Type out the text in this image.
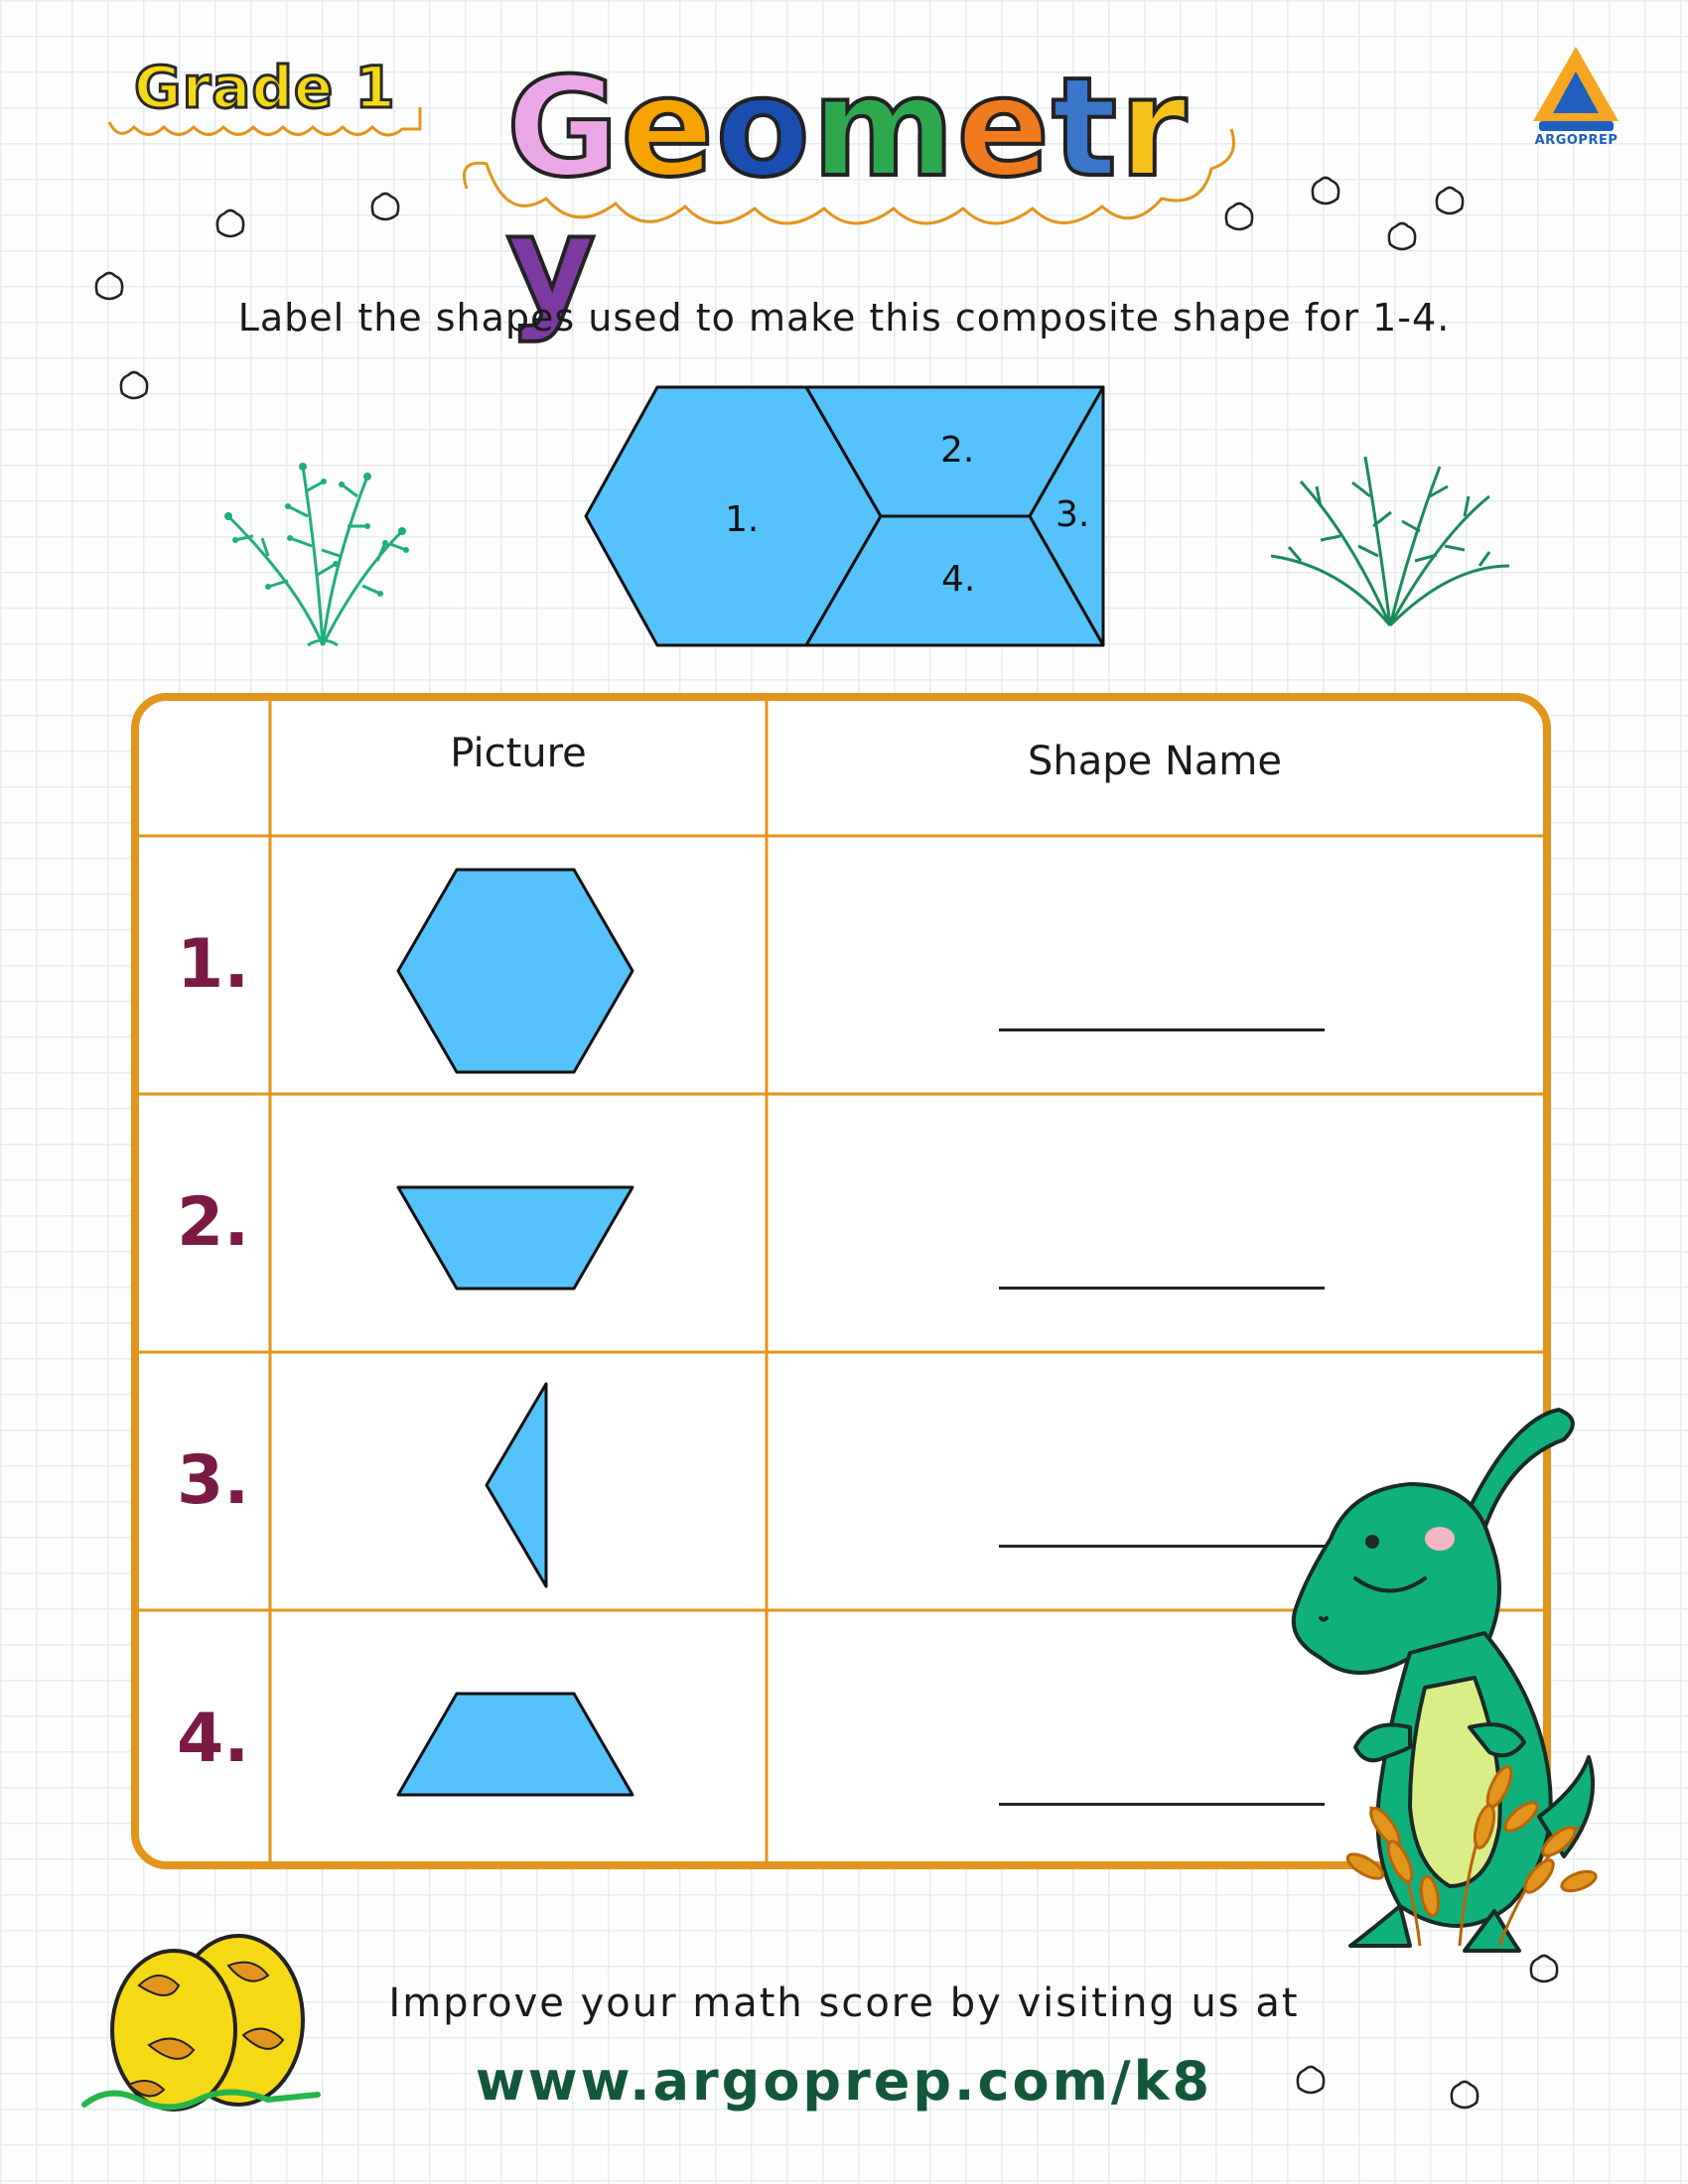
Grade 1 Geometry
ARGOPREP
Label the shapes used to make this composite shape for 1-4.
1.
2.
3.
4.
Picture	Shape Name
1.
2.
3.
4.
Improve your math score by visiting us at
www.argoprep.com/k8
